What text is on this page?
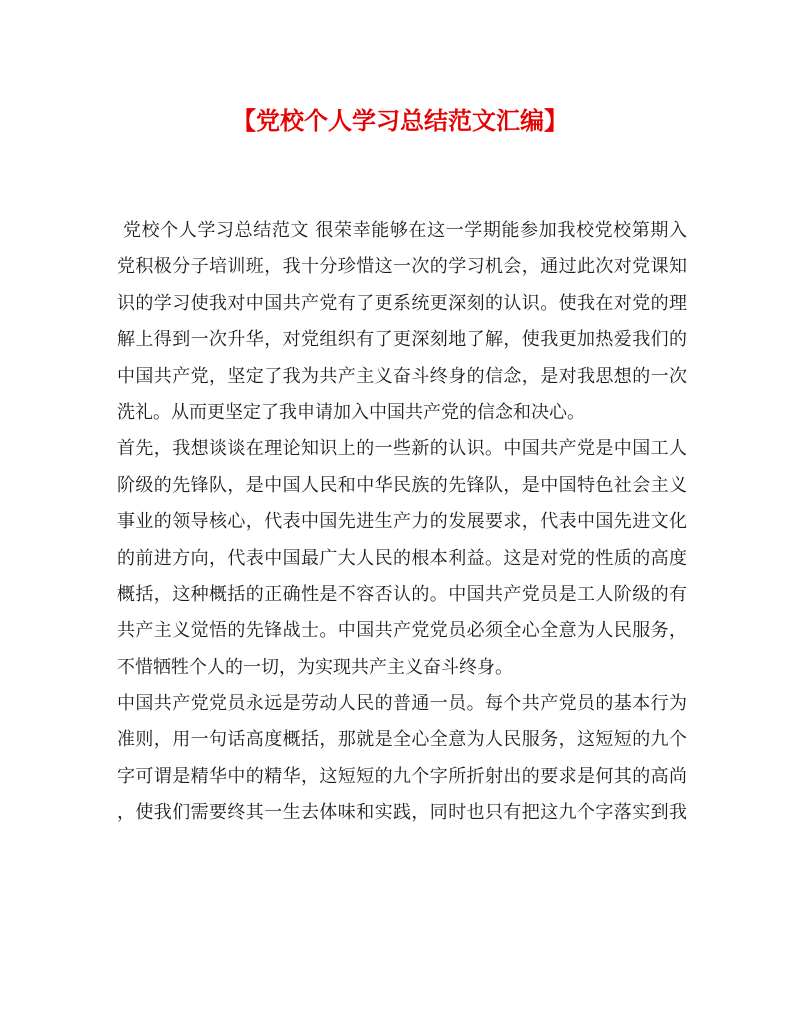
【党校个人学习总结范文汇编】
党校个人学习总结范文 很荣幸能够在这一学期能参加我校党校第期入
党积极分子培训班，我十分珍惜这一次的学习机会，通过此次对党课知
识的学习使我对中国共产党有了更系统更深刻的认识。使我在对党的理
解上得到一次升华，对党组织有了更深刻地了解，使我更加热爱我们的
中国共产党，坚定了我为共产主义奋斗终身的信念，是对我思想的一次
洗礼。从而更坚定了我申请加入中国共产党的信念和决心。
首先，我想谈谈在理论知识上的一些新的认识。中国共产党是中国工人
阶级的先锋队，是中国人民和中华民族的先锋队，是中国特色社会主义
事业的领导核心，代表中国先进生产力的发展要求，代表中国先进文化
的前进方向，代表中国最广大人民的根本利益。这是对党的性质的高度
概括，这种概括的正确性是不容否认的。中国共产党员是工人阶级的有
共产主义觉悟的先锋战士。中国共产党党员必须全心全意为人民服务，
不惜牺牲个人的一切，为实现共产主义奋斗终身。
中国共产党党员永远是劳动人民的普通一员。每个共产党员的基本行为
准则，用一句话高度概括，那就是全心全意为人民服务，这短短的九个
字可谓是精华中的精华，这短短的九个字所折射出的要求是何其的高尚
，使我们需要终其一生去体味和实践，同时也只有把这九个字落实到我
